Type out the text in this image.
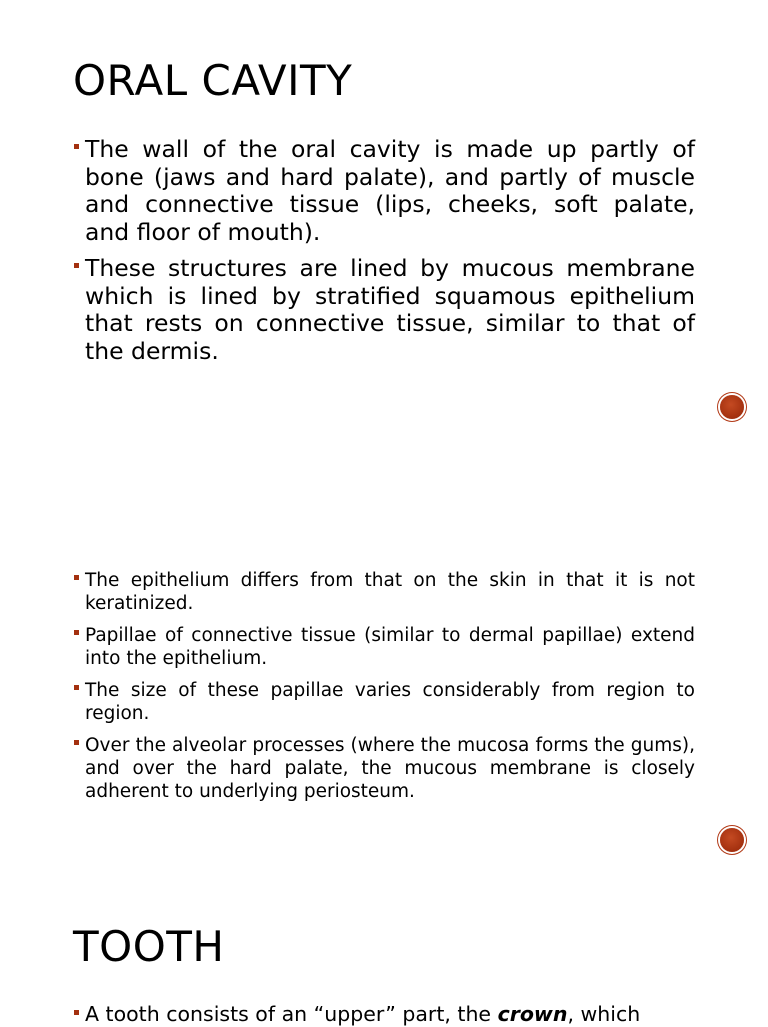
ORAL CAVITY
The wall of the oral cavity is made up partly of bone (jaws and hard palate), and partly of muscle and connective tissue (lips, cheeks, soft palate, and floor of mouth).
These structures are lined by mucous membrane which is lined by stratified squamous epithelium that rests on connective tissue, similar to that of the dermis.
The epithelium differs from that on the skin in that it is not keratinized.
Papillae of connective tissue (similar to dermal papillae) extend into the epithelium.
The size of these papillae varies considerably from region to region.
Over the alveolar processes (where the mucosa forms the gums), and over the hard palate, the mucous membrane is closely adherent to underlying periosteum.
TOOTH
A tooth consists of an “upper” part, the crown, which
